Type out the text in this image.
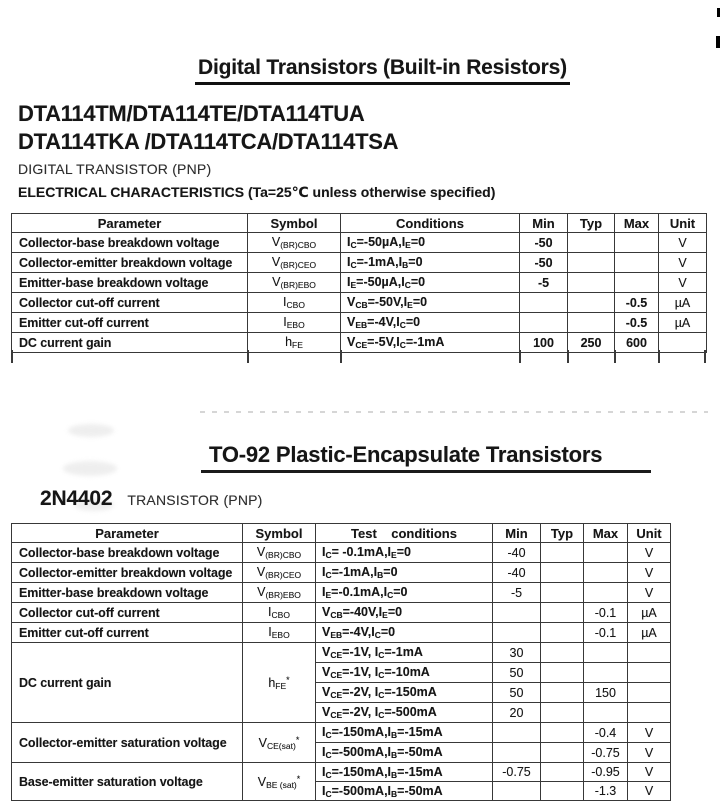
Digital Transistors (Built-in Resistors)
DTA114TM/DTA114TE/DTA114TUA
DTA114TKA /DTA114TCA/DTA114TSA
DIGITAL TRANSISTOR (PNP)
ELECTRICAL CHARACTERISTICS (Ta=25℃ unless otherwise specified)
Parameter	Symbol	Conditions	Min	Typ	Max	Unit
Collector-base breakdown voltage	$V_{(BR)CBO}$	$I_C=-50\mu A,I_E=0$	-50			V
Collector-emitter breakdown voltage	$V_{(BR)CEO}$	$I_C=-1mA,I_B=0$	-50			V
Emitter-base breakdown voltage	$V_{(BR)EBO}$	$I_E=-50\mu A,I_C=0$	-5			V
Collector cut-off current	$I_{CBO}$	$V_{CB}=-50V,I_E=0$			-0.5	µA
Emitter cut-off current	$I_{EBO}$	$V_{EB}=-4V,I_C=0$			-0.5	µA
DC current gain	$h_{FE}$	$V_{CE}=-5V,I_C=-1mA$	100	250	600	
TO-92 Plastic-Encapsulate Transistors
2N4402 TRANSISTOR (PNP)
Parameter	Symbol	Test    conditions	Min	Typ	Max	Unit
Collector-base breakdown voltage	$V_{(BR)CBO}$	$I_C= -0.1mA,I_E=0$	-40			V
Collector-emitter breakdown voltage	$V_{(BR)CEO}$	$I_C=-1mA,I_B=0$	-40			V
Emitter-base breakdown voltage	$V_{(BR)EBO}$	$I_E=-0.1mA,I_C=0$	-5			V
Collector cut-off current	$I_{CBO}$	$V_{CB}=-40V,I_E=0$			-0.1	µA
Emitter cut-off current	$I_{EBO}$	$V_{EB}=-4V,I_C=0$			-0.1	µA
DC current gain	$h_{FE}^*$	$V_{CE}=-1V$, $I_C=-1mA$	30			
		$V_{CE}=-1V$, $I_C=-10mA$	50			
		$V_{CE}=-2V$, $I_C=-150mA$	50		150	
		$V_{CE}=-2V$, $I_C=-500mA$	20			
Collector-emitter saturation voltage	$V_{CE(sat)}^*$	$I_C=-150mA,I_B=-15mA$			-0.4	V
		$I_C=-500mA,I_B=-50mA$			-0.75	V
Base-emitter saturation voltage	$V_{BE (sat)}^*$	$I_C=-150mA,I_B=-15mA$	-0.75		-0.95	V
		$I_C=-500mA,I_B=-50mA$			-1.3	V
